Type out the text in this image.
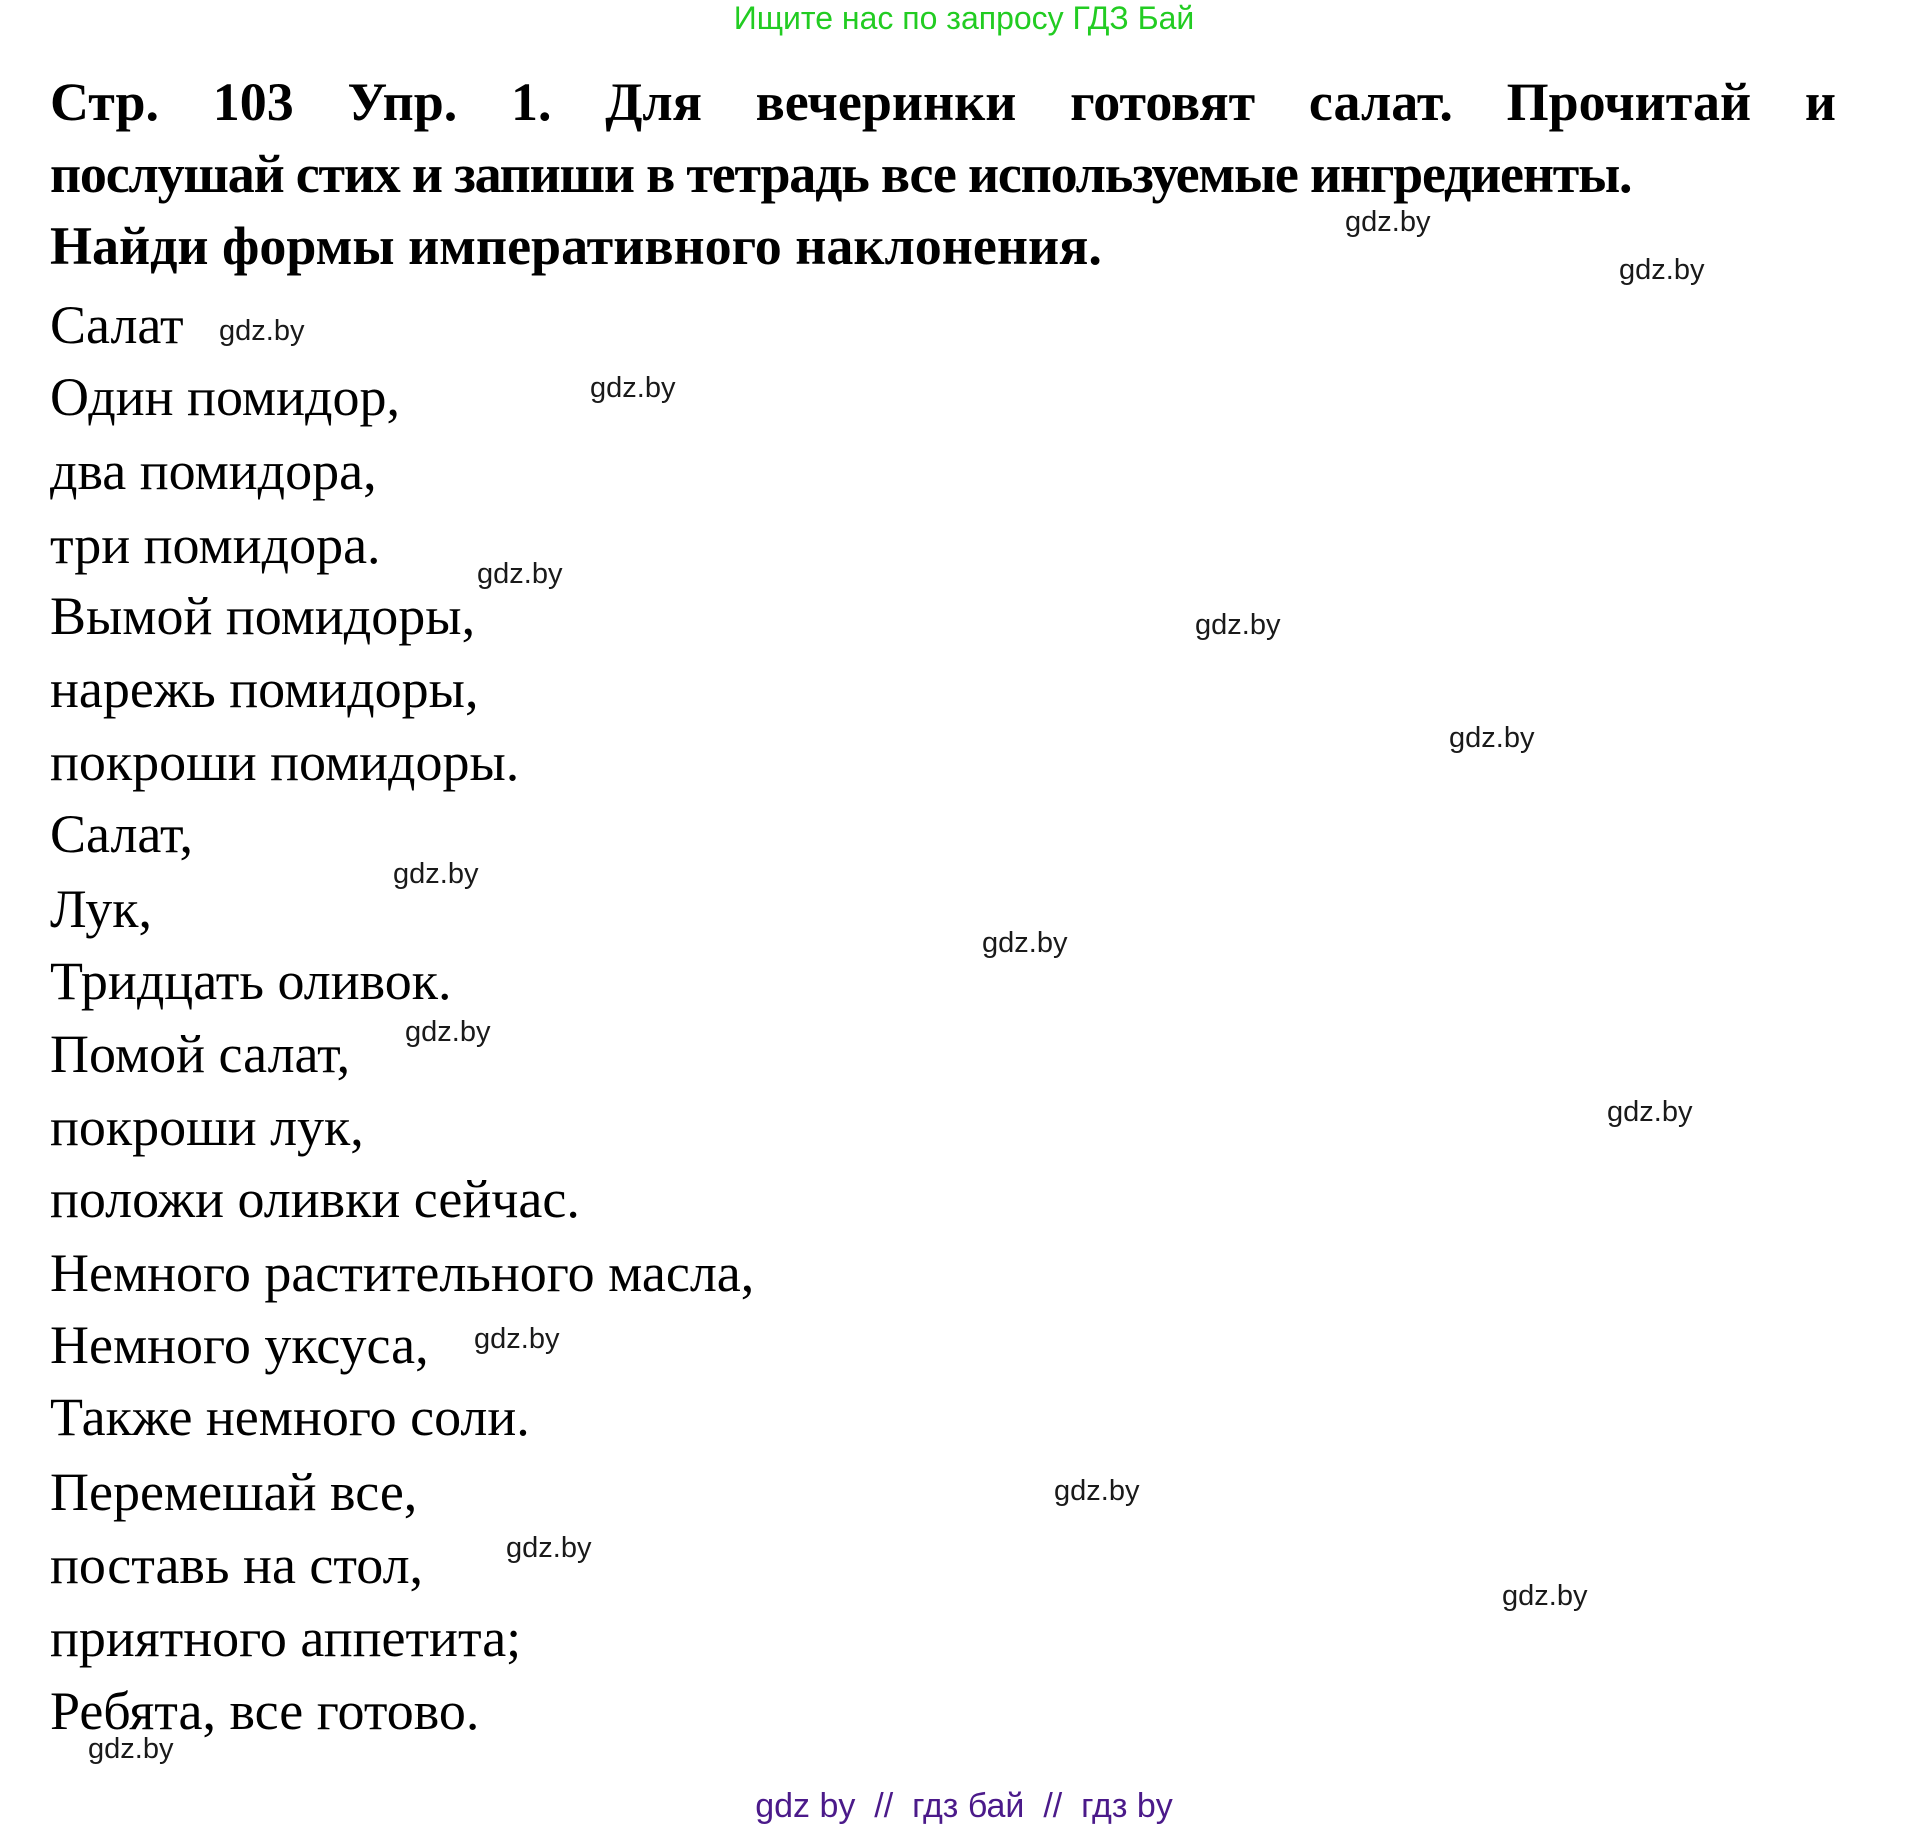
Ищите нас по запросу ГДЗ Бай
Стр. 103 Упр. 1. Для вечеринки готовят салат. Прочитай и
послушай стих и запиши в тетрадь все используемые ингредиенты.
Найди формы императивного наклонения.
Салат
Один помидор,
два помидора,
три помидора.
Вымой помидоры,
нарежь помидоры,
покроши помидоры.
Салат,
Лук,
Тридцать оливок.
Помой салат,
покроши лук,
положи оливки сейчас.
Немного растительного масла,
Немного уксуса,
Также немного соли.
Перемешай все,
поставь на стол,
приятного аппетита;
Ребята, все готово.
gdz.by
gdz.by
gdz.by
gdz.by
gdz.by
gdz.by
gdz.by
gdz.by
gdz.by
gdz.by
gdz.by
gdz.by
gdz.by
gdz.by
gdz.by
gdz.by
gdz by  //  гдз бай  //  гдз by
